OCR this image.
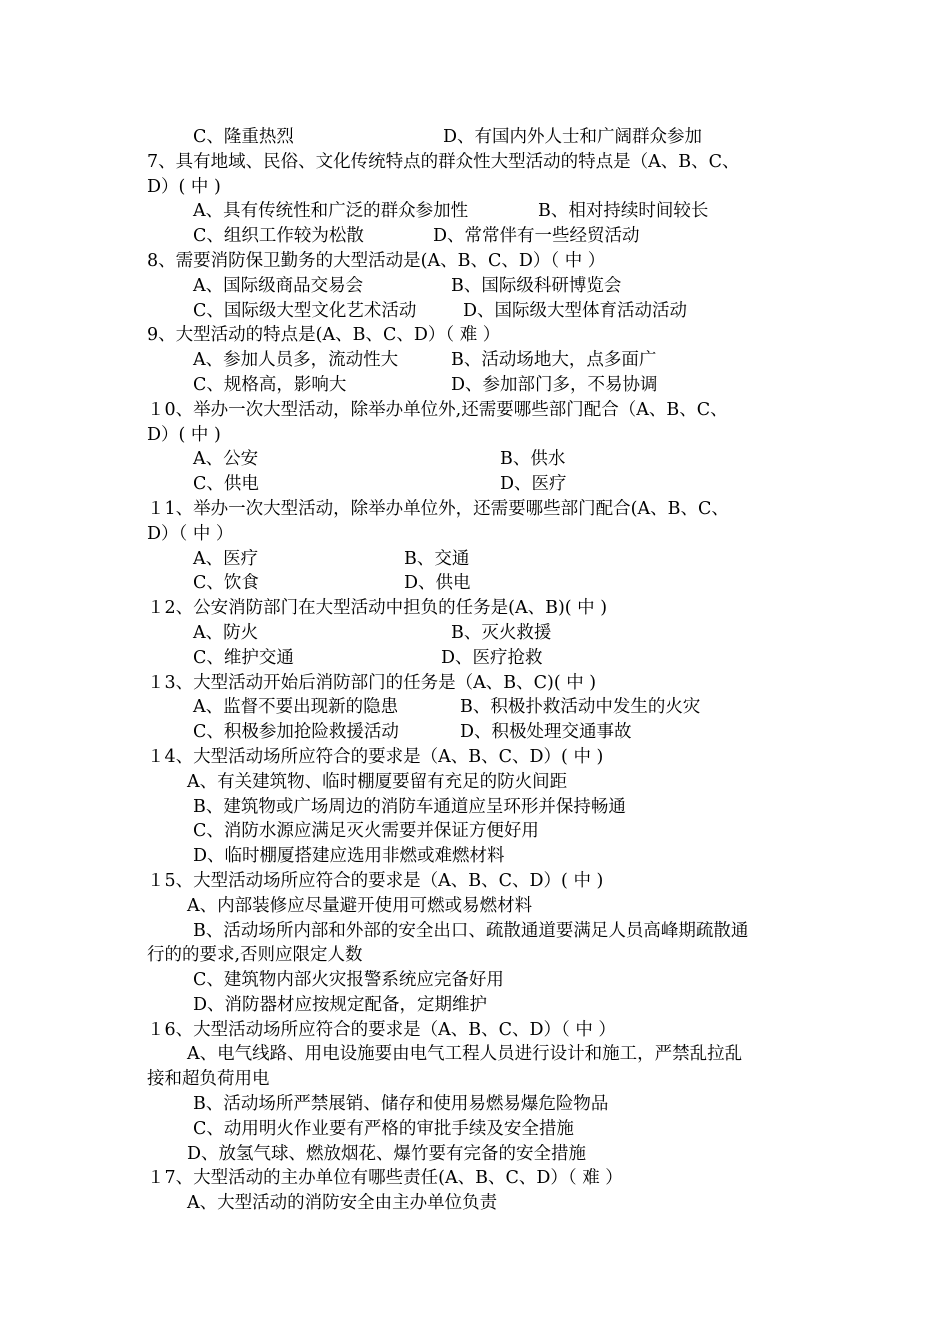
C、隆重热烈	D、有国内外人士和广阔群众参加
7、具有地域、民俗、文化传统特点的群众性大型活动的特点是（A、B、C、
D）( 中 )
A、具有传统性和广泛的群众参加性	B、相对持续时间较长
C、组织工作较为松散	D、常常伴有一些经贸活动
8、需要消防保卫勤务的大型活动是(A、B、C、D）（ 中 ）
A、国际级商品交易会	B、国际级科研博览会
C、国际级大型文化艺术活动	D、国际级大型体育活动活动
9、大型活动的特点是(A、B、C、D）（ 难 ）
A、参加人员多，流动性大	B、活动场地大，点多面广
C、规格高，影响大	D、参加部门多，不易协调
１0、举办一次大型活动，除举办单位外,还需要哪些部门配合（A、B、C、
D）( 中 )
A、公安	B、供水
C、供电	D、医疗
１1、举办一次大型活动，除举办单位外，还需要哪些部门配合(A、B、C、
D）（ 中 ）
A、医疗	B、交通
C、饮食	D、供电
１2、公安消防部门在大型活动中担负的任务是(A、B)( 中 )
A、防火	B、灭火救援
C、维护交通	D、医疗抢救
１3、大型活动开始后消防部门的任务是（A、B、C)( 中 )
A、监督不要出现新的隐患	B、积极扑救活动中发生的火灾
C、积极参加抢险救援活动	D、积极处理交通事故
１4、大型活动场所应符合的要求是（A、B、C、D）( 中 )
A、有关建筑物、临时棚厦要留有充足的防火间距
B、建筑物或广场周边的消防车通道应呈环形并保持畅通
C、消防水源应满足灭火需要并保证方便好用
D、临时棚厦搭建应选用非燃或难燃材料
１5、大型活动场所应符合的要求是（A、B、C、D）( 中 )
A、内部装修应尽量避开使用可燃或易燃材料
B、活动场所内部和外部的安全出口、疏散通道要满足人员高峰期疏散通
行的的要求,否则应限定人数
C、建筑物内部火灾报警系统应完备好用
D、消防器材应按规定配备，定期维护
１6、大型活动场所应符合的要求是（A、B、C、D）（ 中 ）
A、电气线路、用电设施要由电气工程人员进行设计和施工，严禁乱拉乱
接和超负荷用电
B、活动场所严禁展销、储存和使用易燃易爆危险物品
C、动用明火作业要有严格的审批手续及安全措施
D、放氢气球、燃放烟花、爆竹要有完备的安全措施
１7、大型活动的主办单位有哪些责任(A、B、C、D）（ 难 ）
A、大型活动的消防安全由主办单位负责
